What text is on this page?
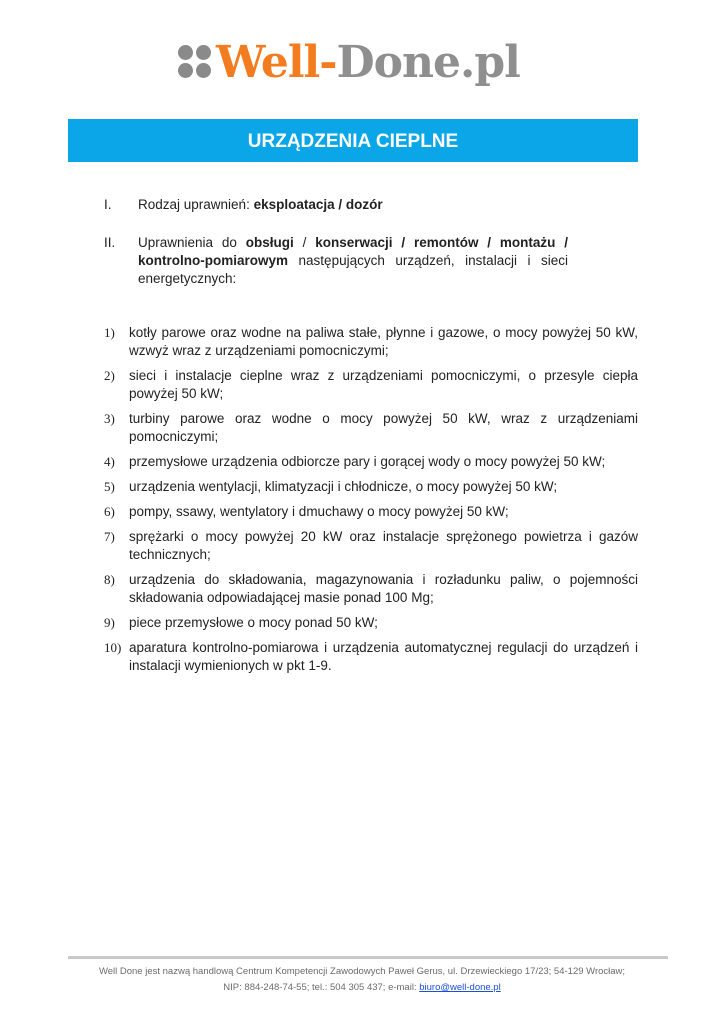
Well-Done.pl
URZĄDZENIA CIEPLNE
I.	Rodzaj uprawnień: eksploatacja / dozór
II.	Uprawnienia do obsługi / konserwacji / remontów / montażu / kontrolno-pomiarowym następujących urządzeń, instalacji i sieci energetycznych:
1) kotły parowe oraz wodne na paliwa stałe, płynne i gazowe, o mocy powyżej 50 kW, wzwyż wraz z urządzeniami pomocniczymi;
2) sieci i instalacje cieplne wraz z urządzeniami pomocniczymi, o przesyle ciepła powyżej 50 kW;
3) turbiny parowe oraz wodne o mocy powyżej 50 kW, wraz z urządzeniami pomocniczymi;
4) przemysłowe urządzenia odbiorcze pary i gorącej wody o mocy powyżej 50 kW;
5) urządzenia wentylacji, klimatyzacji i chłodnicze, o mocy powyżej 50 kW;
6) pompy, ssawy, wentylatory i dmuchawy o mocy powyżej 50 kW;
7) sprężarki o mocy powyżej 20 kW oraz instalacje sprężonego powietrza i gazów technicznych;
8) urządzenia do składowania, magazynowania i rozładunku paliw, o pojemności składowania odpowiadającej masie ponad 100 Mg;
9) piece przemysłowe o mocy ponad 50 kW;
10) aparatura kontrolno-pomiarowa i urządzenia automatycznej regulacji do urządzeń i instalacji wymienionych w pkt 1-9.
Well Done jest nazwą handlową Centrum Kompetencji Zawodowych Paweł Gerus, ul. Drzewieckiego 17/23; 54-129 Wrocław;
NIP: 884-248-74-55; tel.: 504 305 437; e-mail: biuro@well-done.pl
